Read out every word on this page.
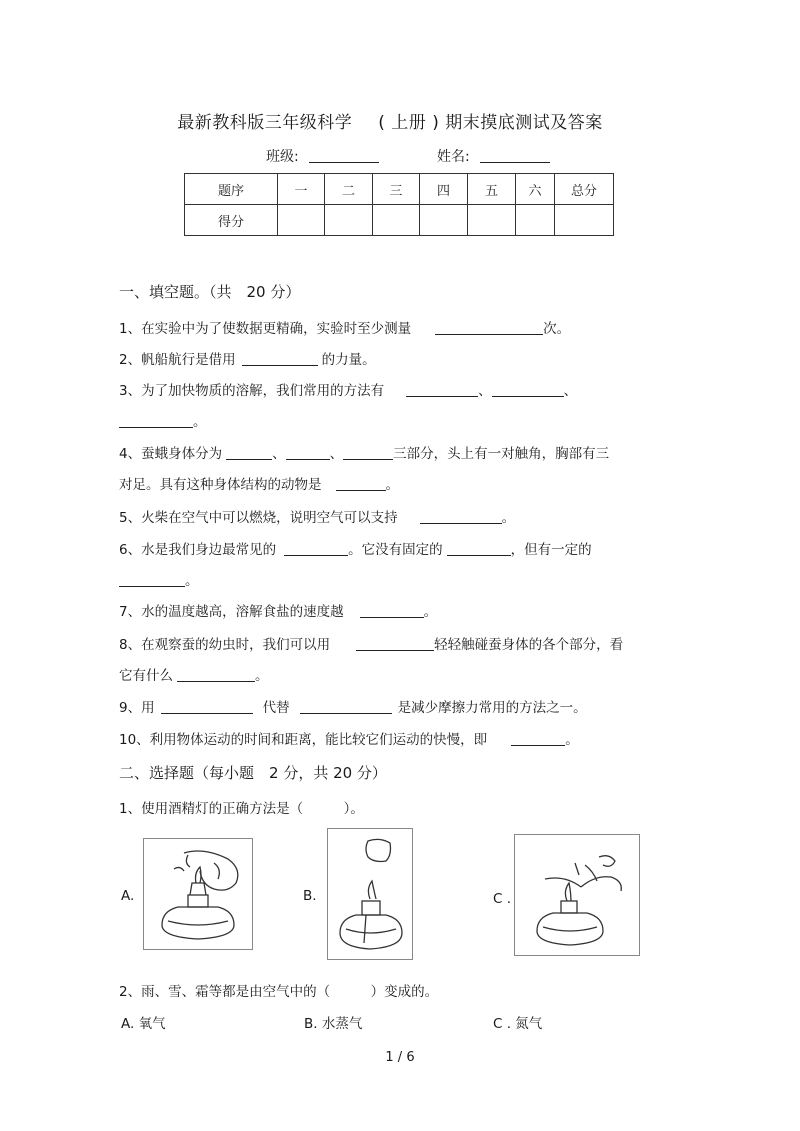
最新教科版三年级科学 ( 上册 ) 期末摸底测试及答案
班级:	姓名:
题序	一	二	三	四	五	六	总分
得分							
一、填空题。（共　20 分）
1、在实验中为了使数据更精确，实验时至少测量	次。
2、帆船航行是借用	的力量。
3、为了加快物质的溶解，我们常用的方法有	、	、
。
4、蚕蛾身体分为	、	、	三部分，头上有一对触角，胸部有三
对足。具有这种身体结构的动物是	。
5、火柴在空气中可以燃烧，说明空气可以支持	。
6、水是我们身边最常见的	。它没有固定的	，但有一定的
。
7、水的温度越高，溶解食盐的速度越	。
8、在观察蚕的幼虫时，我们可以用	轻轻触碰蚕身体的各个部分，看
它有什么	。
9、用	代替	是减少摩擦力常用的方法之一。
10、利用物体运动的时间和距离，能比较它们运动的快慢，即	。
二、选择题（每小题　2 分，共 20 分）
1、使用酒精灯的正确方法是（　　　）。
A.	B.	C .
2、雨、雪、霜等都是由空气中的（　　　）变成的。
A. 氧气	B. 水蒸气	C . 氮气
1 / 6
